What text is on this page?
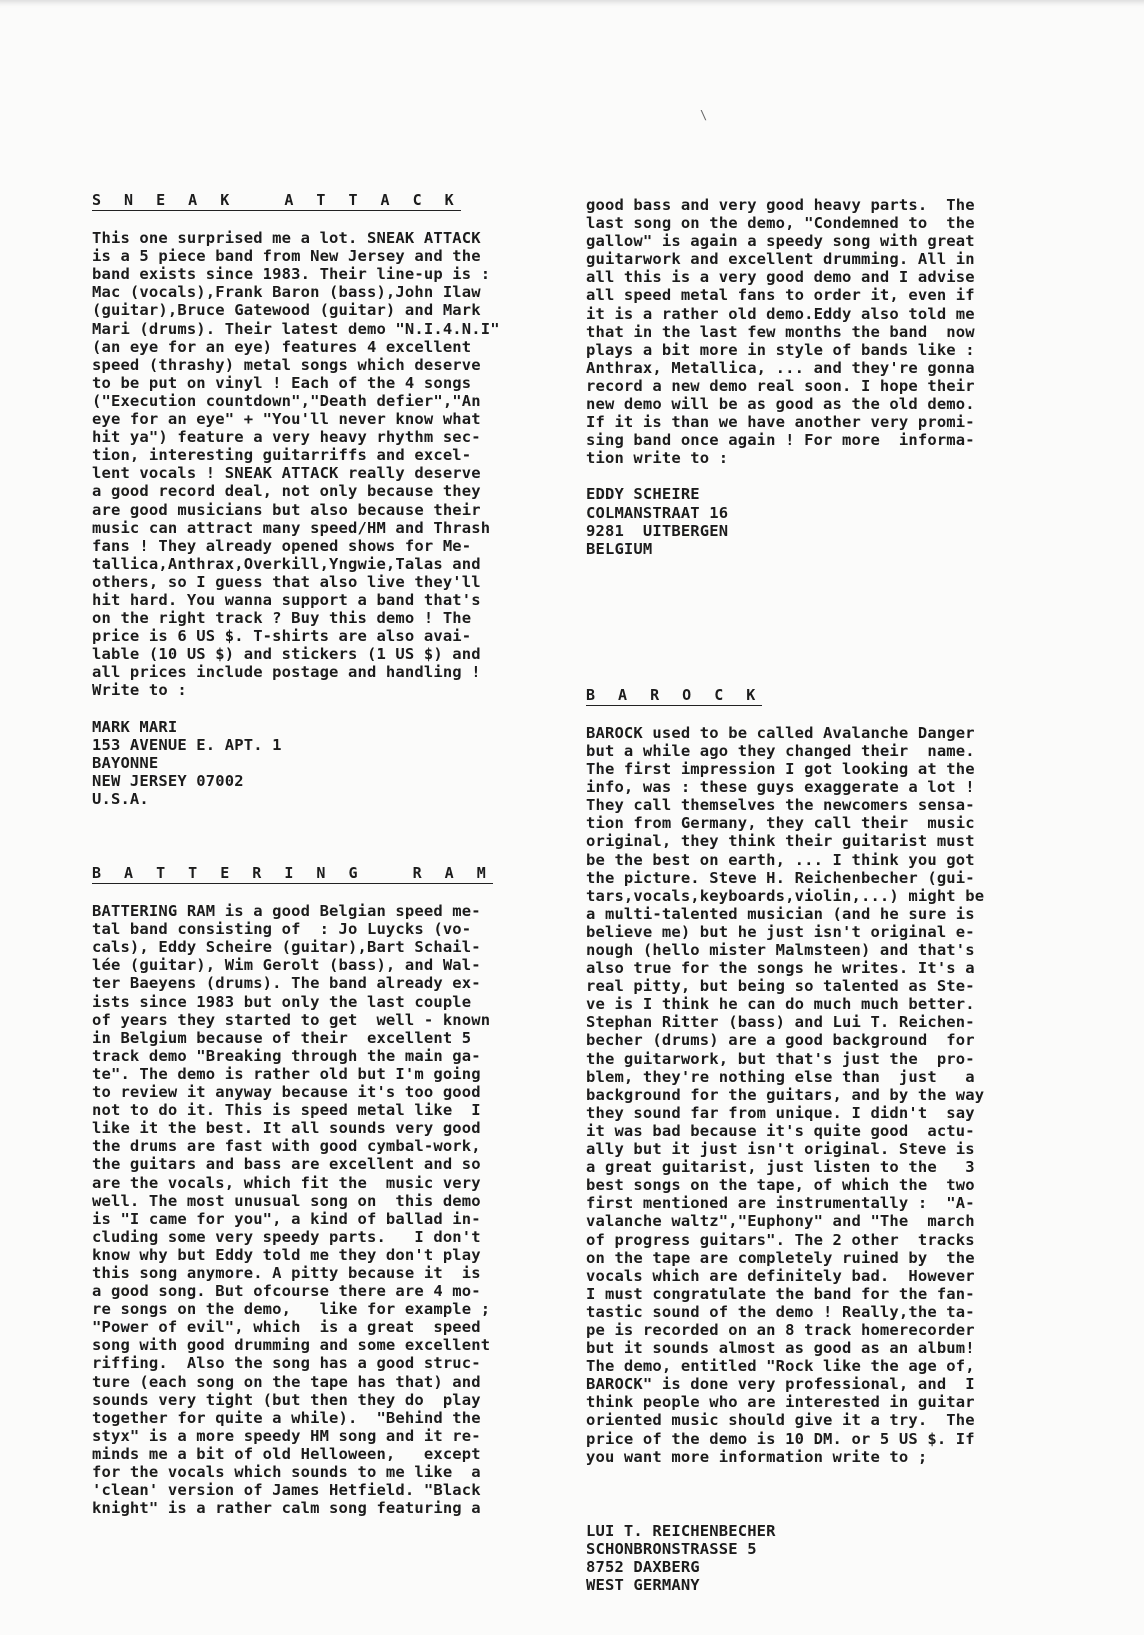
\
S N E A K   A T T A C K

This one surprised me a lot. SNEAK ATTACK
is a 5 piece band from New Jersey and the
band exists since 1983. Their line-up is :
Mac (vocals),Frank Baron (bass),John Ilaw
(guitar),Bruce Gatewood (guitar) and Mark
Mari (drums). Their latest demo "N.I.4.N.I"
(an eye for an eye) features 4 excellent
speed (thrashy) metal songs which deserve
to be put on vinyl ! Each of the 4 songs
("Execution countdown","Death defier","An
eye for an eye" + "You'll never know what
hit ya") feature a very heavy rhythm sec-
tion, interesting guitarriffs and excel-
lent vocals ! SNEAK ATTACK really deserve
a good record deal, not only because they
are good musicians but also because their
music can attract many speed/HM and Thrash
fans ! They already opened shows for Me-
tallica,Anthrax,Overkill,Yngwie,Talas and
others, so I guess that also live they'll
hit hard. You wanna support a band that's
on the right track ? Buy this demo ! The
price is 6 US $. T-shirts are also avai-
lable (10 US $) and stickers (1 US $) and
all prices include postage and handling !
Write to :

MARK MARI
153 AVENUE E. APT. 1
BAYONNE
NEW JERSEY 07002
U.S.A.

B A T T E R I N G   R A M

BATTERING RAM is a good Belgian speed me-
tal band consisting of  : Jo Luycks (vo-
cals), Eddy Scheire (guitar),Bart Schail-
lée (guitar), Wim Gerolt (bass), and Wal-
ter Baeyens (drums). The band already ex-
ists since 1983 but only the last couple
of years they started to get  well - known
in Belgium because of their  excellent 5
track demo "Breaking through the main ga-
te". The demo is rather old but I'm going
to review it anyway because it's too good
not to do it. This is speed metal like  I
like it the best. It all sounds very good
the drums are fast with good cymbal-work,
the guitars and bass are excellent and so
are the vocals, which fit the  music very
well. The most unusual song on  this demo
is "I came for you", a kind of ballad in-
cluding some very speedy parts.   I don't
know why but Eddy told me they don't play
this song anymore. A pitty because it  is
a good song. But ofcourse there are 4 mo-
re songs on the demo,   like for example ;
"Power of evil", which  is a great  speed
song with good drumming and some excellent
riffing.  Also the song has a good struc-
ture (each song on the tape has that) and
sounds very tight (but then they do  play
together for quite a while).  "Behind the
styx" is a more speedy HM song and it re-
minds me a bit of old Helloween,   except
for the vocals which sounds to me like  a
'clean' version of James Hetfield. "Black
knight" is a rather calm song featuring a

good bass and very good heavy parts.  The
last song on the demo, "Condemned to  the
gallow" is again a speedy song with great
guitarwork and excellent drumming. All in
all this is a very good demo and I advise
all speed metal fans to order it, even if
it is a rather old demo.Eddy also told me
that in the last few months the band  now
plays a bit more in style of bands like :
Anthrax, Metallica, ... and they're gonna
record a new demo real soon. I hope their
new demo will be as good as the old demo.
If it is than we have another very promi-
sing band once again ! For more  informa-
tion write to :

EDDY SCHEIRE
COLMANSTRAAT 16
9281  UITBERGEN
BELGIUM

B A R O C K

BAROCK used to be called Avalanche Danger
but a while ago they changed their  name.
The first impression I got looking at the
info, was : these guys exaggerate a lot !
They call themselves the newcomers sensa-
tion from Germany, they call their  music
original, they think their guitarist must
be the best on earth, ... I think you got
the picture. Steve H. Reichenbecher (gui-
tars,vocals,keyboards,violin,...) might be
a multi-talented musician (and he sure is
believe me) but he just isn't original e-
nough (hello mister Malmsteen) and that's
also true for the songs he writes. It's a
real pitty, but being so talented as Ste-
ve is I think he can do much much better.
Stephan Ritter (bass) and Lui T. Reichen-
becher (drums) are a good background  for
the guitarwork, but that's just the  pro-
blem, they're nothing else than  just   a
background for the guitars, and by the way
they sound far from unique. I didn't  say
it was bad because it's quite good  actu-
ally but it just isn't original. Steve is
a great guitarist, just listen to the   3
best songs on the tape, of which the  two
first mentioned are instrumentally :  "A-
valanche waltz","Euphony" and "The  march
of progress guitars". The 2 other  tracks
on the tape are completely ruined by  the
vocals which are definitely bad.  However
I must congratulate the band for the fan-
tastic sound of the demo ! Really,the ta-
pe is recorded on an 8 track homerecorder
but it sounds almost as good as an album!
The demo, entitled "Rock like the age of,
BAROCK" is done very professional, and  I
think people who are interested in guitar
oriented music should give it a try.  The
price of the demo is 10 DM. or 5 US $. If
you want more information write to ;

LUI T. REICHENBECHER
SCHONBRONSTRASSE 5
8752 DAXBERG
WEST GERMANY
